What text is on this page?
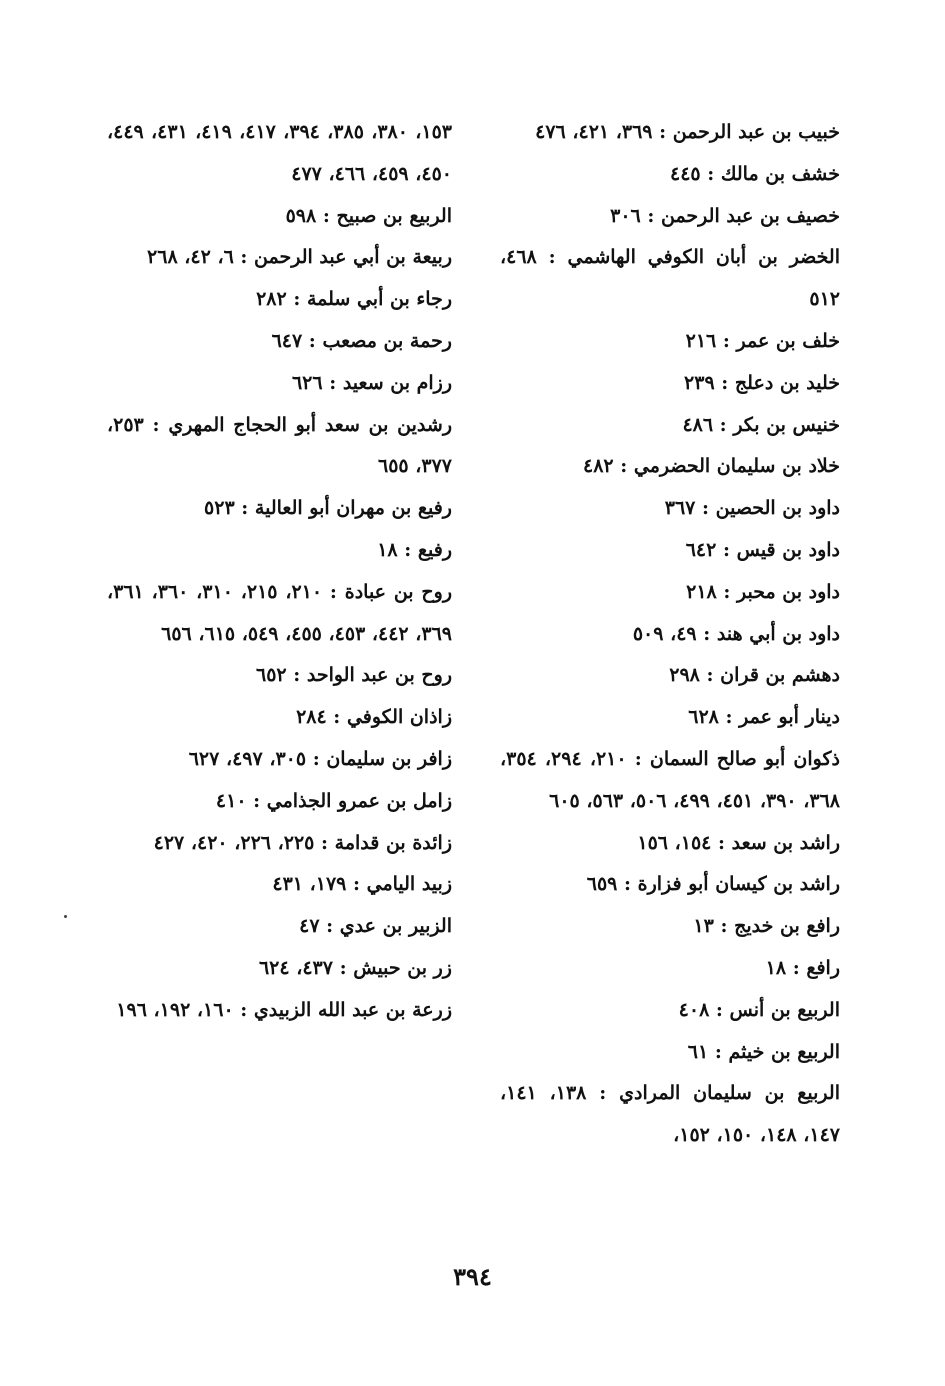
خبيب بن عبد الرحمن : ٣٦٩، ٤٢١، ٤٧٦
خشف بن مالك : ٤٤٥
خصيف بن عبد الرحمن : ٣٠٦
الخضر بن أبان الكوفي الهاشمي : ٤٦٨، ٥١٢
خلف بن عمر : ٢١٦
خليد بن دعلج : ٢٣٩
خنيس بن بكر : ٤٨٦
خلاد بن سليمان الحضرمي : ٤٨٢
داود بن الحصين : ٣٦٧
داود بن قيس : ٦٤٢
داود بن محبر : ٢١٨
داود بن أبي هند : ٤٩، ٥٠٩
دهشم بن قران : ٢٩٨
دينار أبو عمر : ٦٢٨
ذكوان أبو صالح السمان : ٢١٠، ٢٩٤، ٣٥٤، ٣٦٨، ٣٩٠، ٤٥١، ٤٩٩، ٥٠٦، ٥٦٣، ٦٠٥
راشد بن سعد : ١٥٤، ١٥٦
راشد بن كيسان أبو فزارة : ٦٥٩
رافع بن خديج : ١٣
رافع : ١٨
الربيع بن أنس : ٤٠٨
الربيع بن خيثم : ٦١
الربيع بن سليمان المرادي : ١٣٨، ١٤١، ١٤٧، ١٤٨، ١٥٠، ١٥٢،
١٥٣، ٣٨٠، ٣٨٥، ٣٩٤، ٤١٧، ٤١٩، ٤٣١، ٤٤٩، ٤٥٠، ٤٥٩، ٤٦٦، ٤٧٧
الربيع بن صبيح : ٥٩٨
ربيعة بن أبي عبد الرحمن : ٦، ٤٢، ٢٦٨
رجاء بن أبي سلمة : ٢٨٢
رحمة بن مصعب : ٦٤٧
رزام بن سعيد : ٦٢٦
رشدين بن سعد أبو الحجاج المهري : ٢٥٣، ٣٧٧، ٦٥٥
رفيع بن مهران أبو العالية : ٥٢٣
رفيع : ١٨
روح بن عبادة : ٢١٠، ٢١٥، ٣١٠، ٣٦٠، ٣٦١، ٣٦٩، ٤٤٢، ٤٥٣، ٤٥٥، ٥٤٩، ٦١٥، ٦٥٦
روح بن عبد الواحد : ٦٥٢
زاذان الكوفي : ٢٨٤
زافر بن سليمان : ٣٠٥، ٤٩٧، ٦٢٧
زامل بن عمرو الجذامي : ٤١٠
زائدة بن قدامة : ٢٢٥، ٢٢٦، ٤٢٠، ٤٢٧
زبيد اليامي : ١٧٩، ٤٣١
الزبير بن عدي : ٤٧
زر بن حبيش : ٤٣٧، ٦٢٤
زرعة بن عبد الله الزبيدي : ١٦٠، ١٩٢، ١٩٦
٣٩٤
